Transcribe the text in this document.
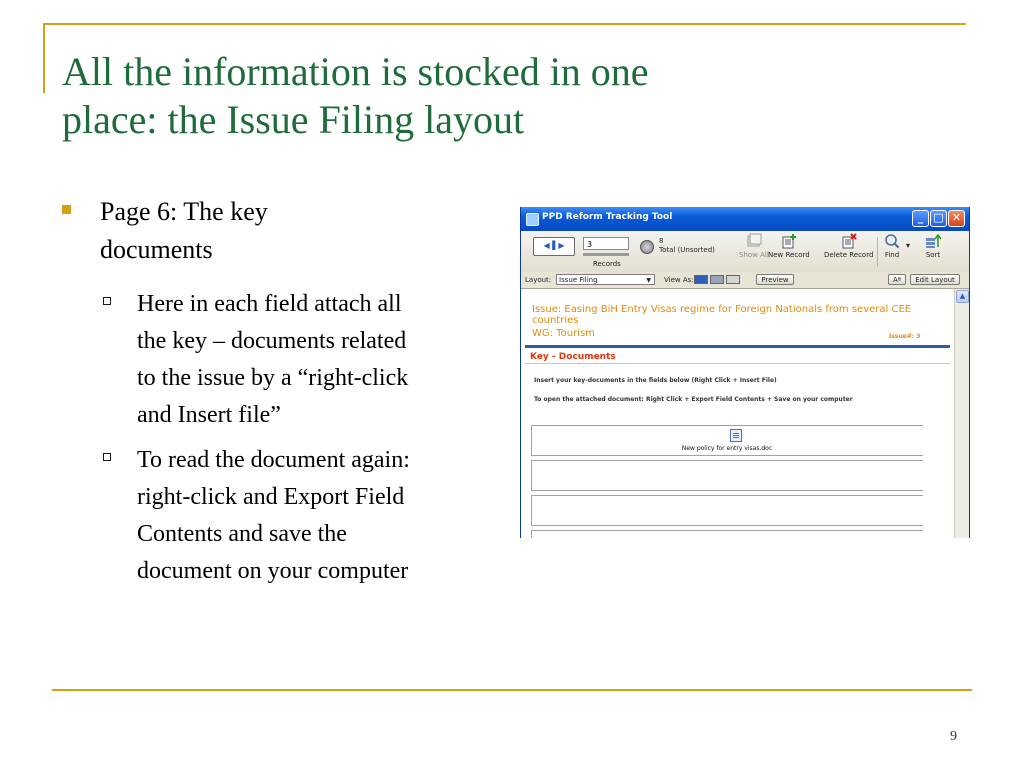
All the information is stocked in one
place: the Issue Filing layout
Page 6: The key
documents
Here in each field attach all
the key – documents related
to the issue by a “right-click
and Insert file”
To read the document again:
right-click and Export Field
Contents and save the
document on your computer
PPD Reform Tracking Tool	_ □ ✕
◀ ▌▶	3
Records
8
Total (Unsorted)
Show All New Record Delete Record Find
▾
Sort
Layout:	Issue Filing	▼ View As:	Preview	Aª	Edit Layout
Issue: Easing BiH Entry Visas regime for Foreign Nationals from several CEE countries
WG: Tourism	Issue#: 3
Key - Documents
Insert your key-documents in the fields below (Right Click + Insert File)
To open the attached document: Right Click + Export Field Contents + Save on your computer
New policy for entry visas.doc
▲
9
